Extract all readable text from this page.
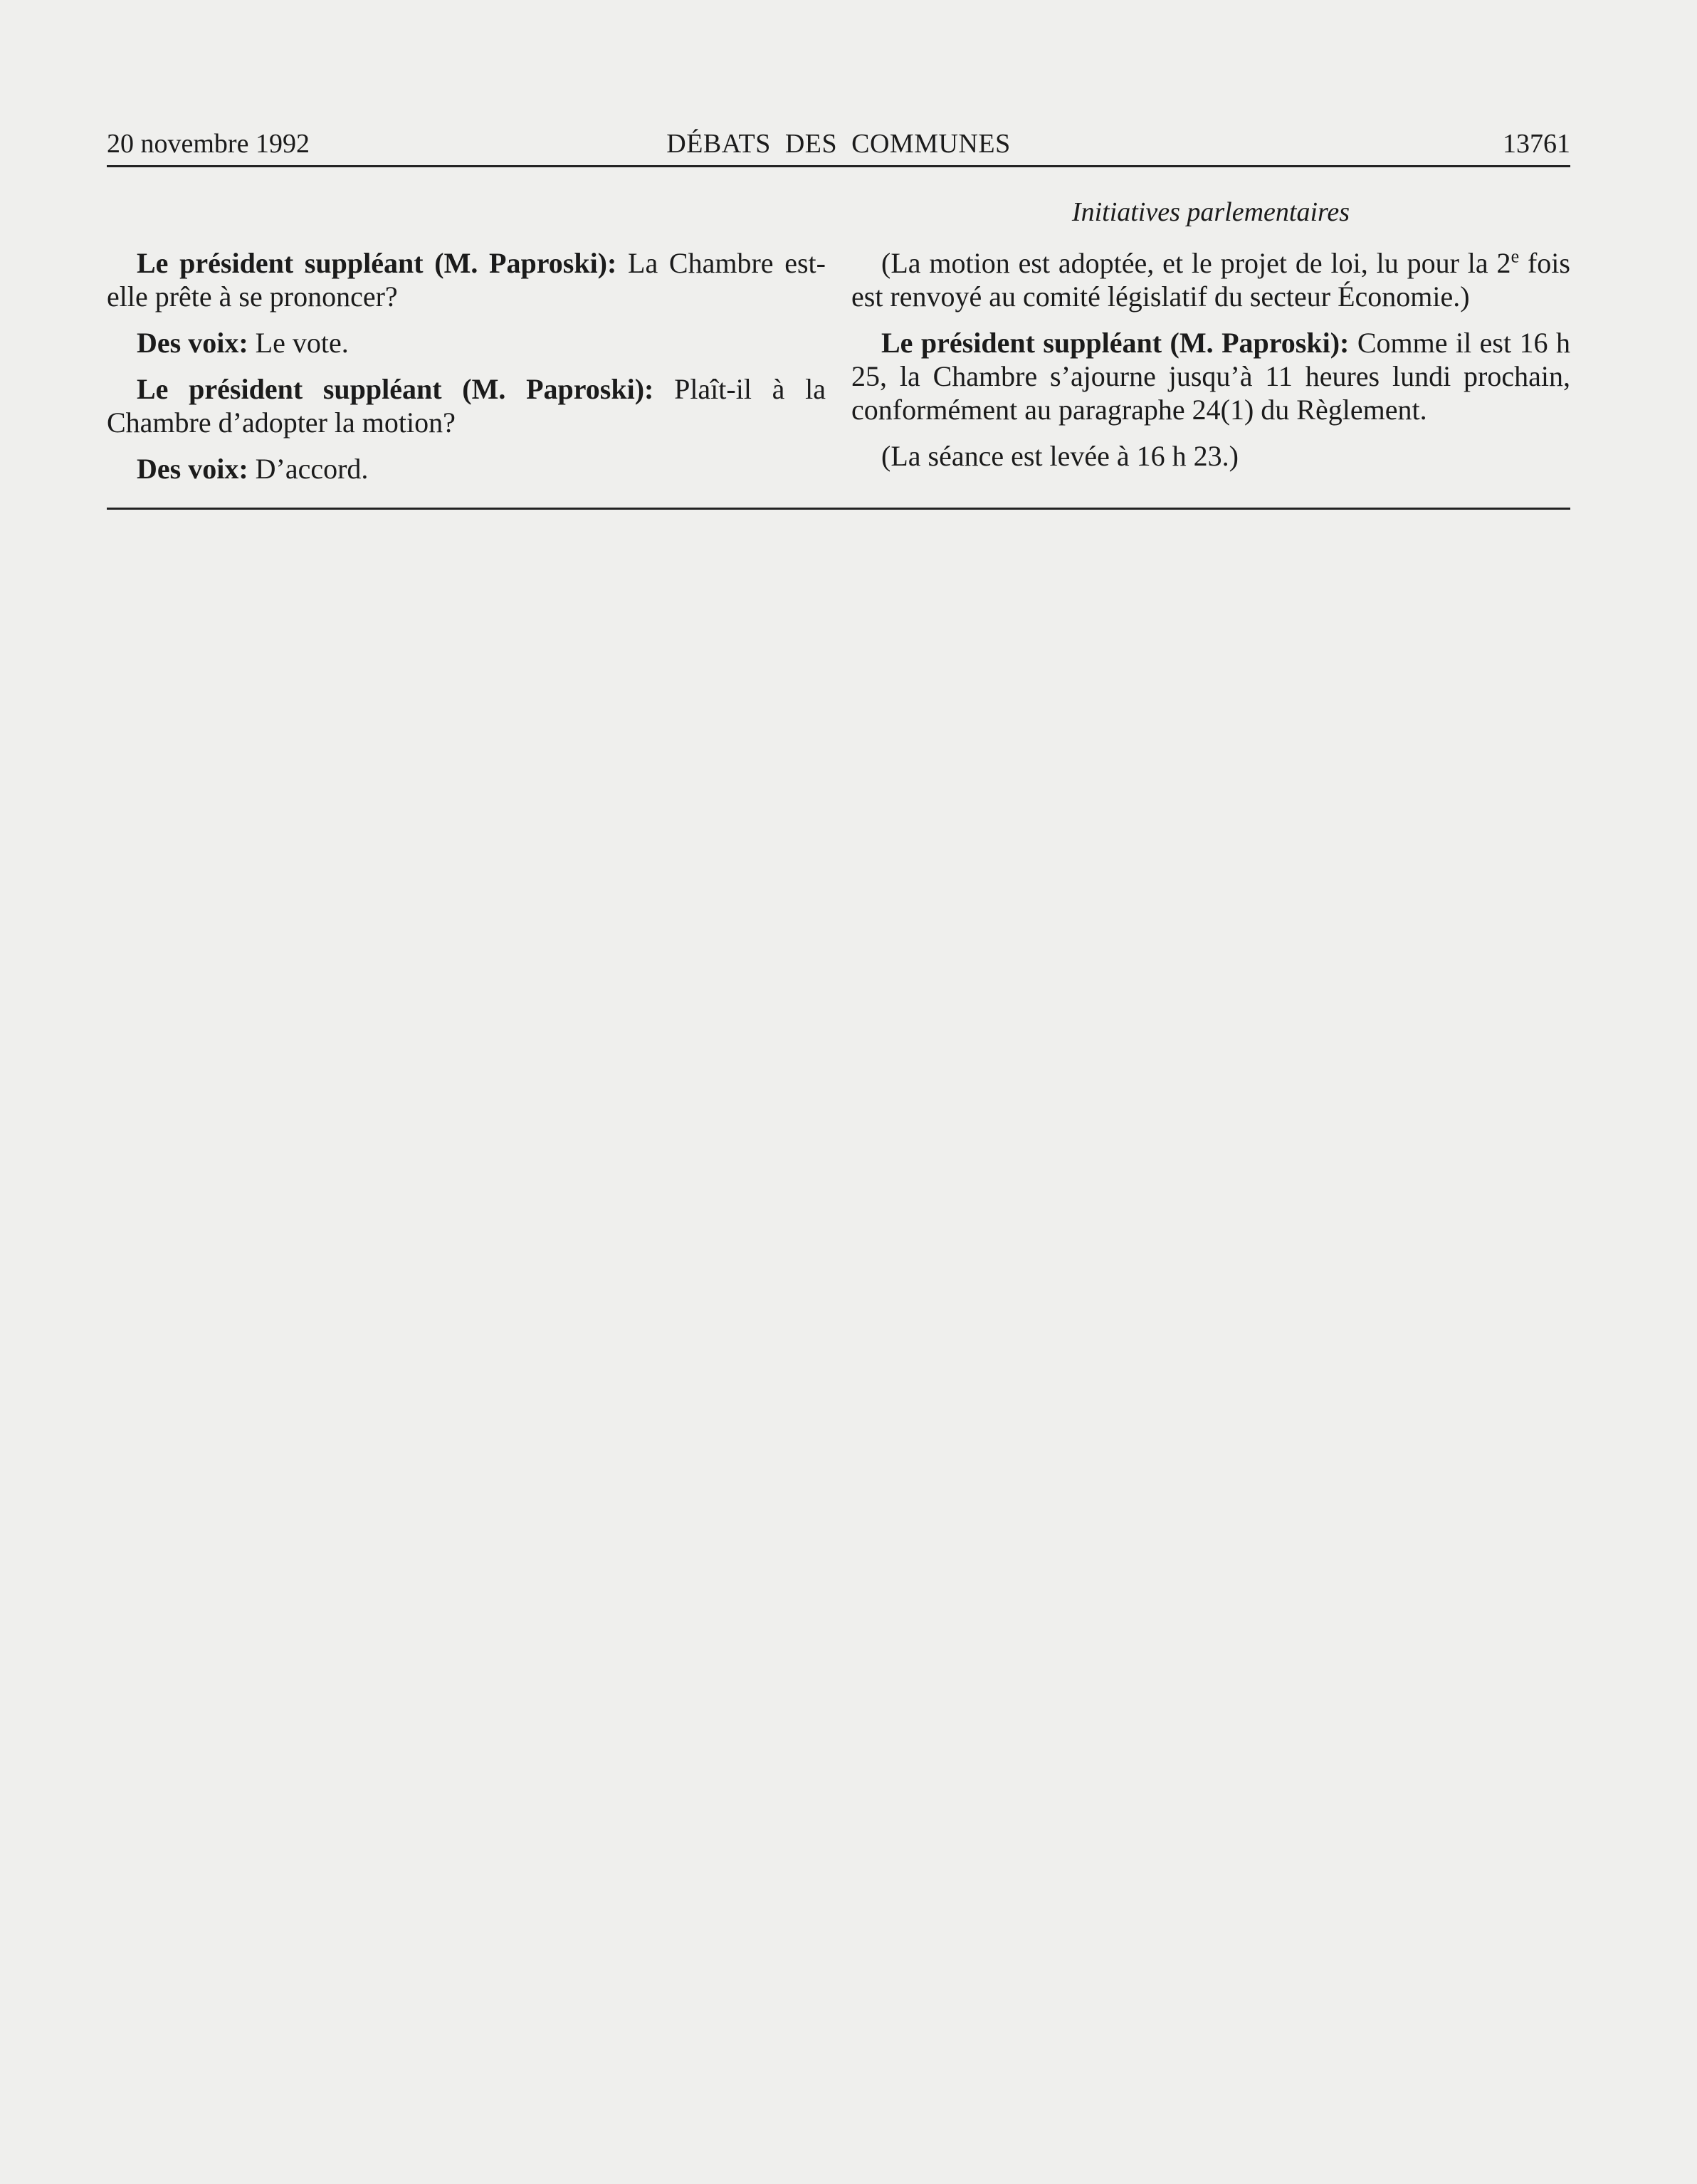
20 novembre 1992	DÉBATS DES COMMUNES	13761
Initiatives parlementaires

Le président suppléant (M. Paproski): La Chambre est-elle prête à se prononcer?

Des voix: Le vote.

Le président suppléant (M. Paproski): Plaît-il à la Chambre d’adopter la motion?

Des voix: D’accord.

(La motion est adoptée, et le projet de loi, lu pour la 2e fois est renvoyé au comité législatif du secteur Économie.)

Le président suppléant (M. Paproski): Comme il est 16 h 25, la Chambre s’ajourne jusqu’à 11 heures lundi prochain, conformément au paragraphe 24(1) du Règlement.

(La séance est levée à 16 h 23.)
